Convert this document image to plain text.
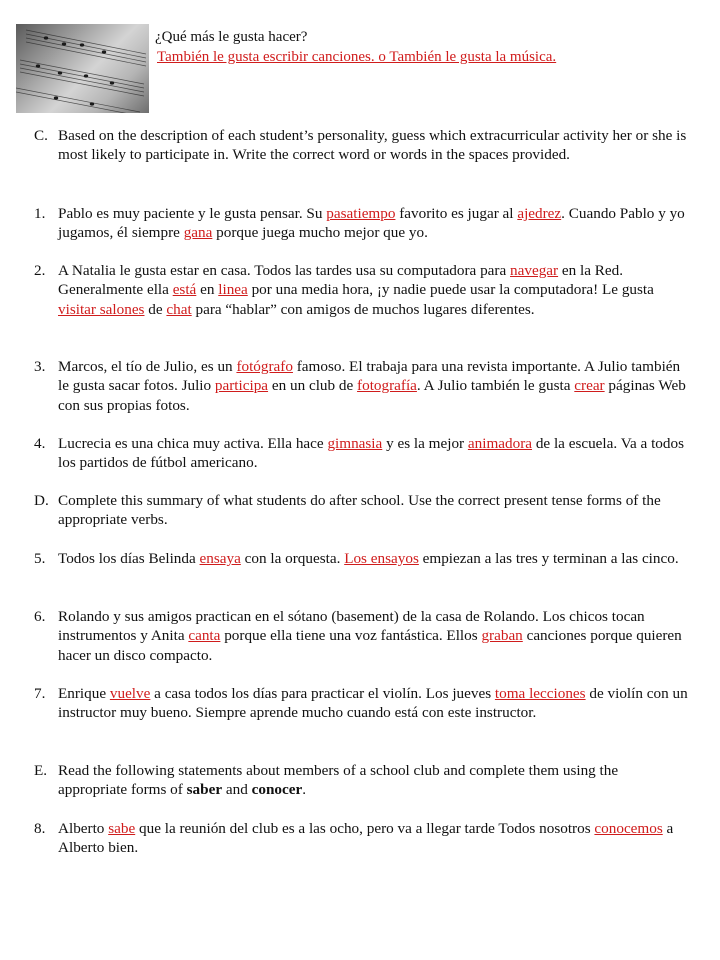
¿Qué más le gusta hacer?
También le gusta escribir canciones. o También le gusta la música.
C. Based on the description of each student’s personality, guess which extracurricular activity her or she is most likely to participate in. Write the correct word or words in the spaces provided.
1. Pablo es muy paciente y le gusta pensar. Su pasatiempo favorito es jugar al ajedrez. Cuando Pablo y yo jugamos, él siempre gana porque juega mucho mejor que yo.
2. A Natalia le gusta estar en casa. Todos las tardes usa su computadora para navegar en la Red. Generalmente ella está en linea por una media hora, ¡y nadie puede usar la computadora! Le gusta visitar salones de chat para “hablar” con amigos de muchos lugares diferentes.
3. Marcos, el tío de Julio, es un fotógrafo famoso. El trabaja para una revista importante. A Julio también le gusta sacar fotos. Julio participa en un club de fotografía. A Julio también le gusta crear páginas Web con sus propias fotos.
4. Lucrecia es una chica muy activa. Ella hace gimnasia y es la mejor animadora de la escuela. Va a todos los partidos de fútbol americano.
D. Complete this summary of what students do after school. Use the correct present tense forms of the appropriate verbs.
5. Todos los días Belinda ensaya con la orquesta. Los ensayos empiezan a las tres y terminan a las cinco.
6. Rolando y sus amigos practican en el sótano (basement) de la casa de Rolando. Los chicos tocan instrumentos y Anita canta porque ella tiene una voz fantástica. Ellos graban canciones porque quieren hacer un disco compacto.
7. Enrique vuelve a casa todos los días para practicar el violín. Los jueves toma lecciones de violín con un instructor muy bueno. Siempre aprende mucho cuando está con este instructor.
E. Read the following statements about members of a school club and complete them using the appropriate forms of saber and conocer.
8. Alberto sabe que la reunión del club es a las ocho, pero va a llegar tarde Todos nosotros conocemos a Alberto bien.
